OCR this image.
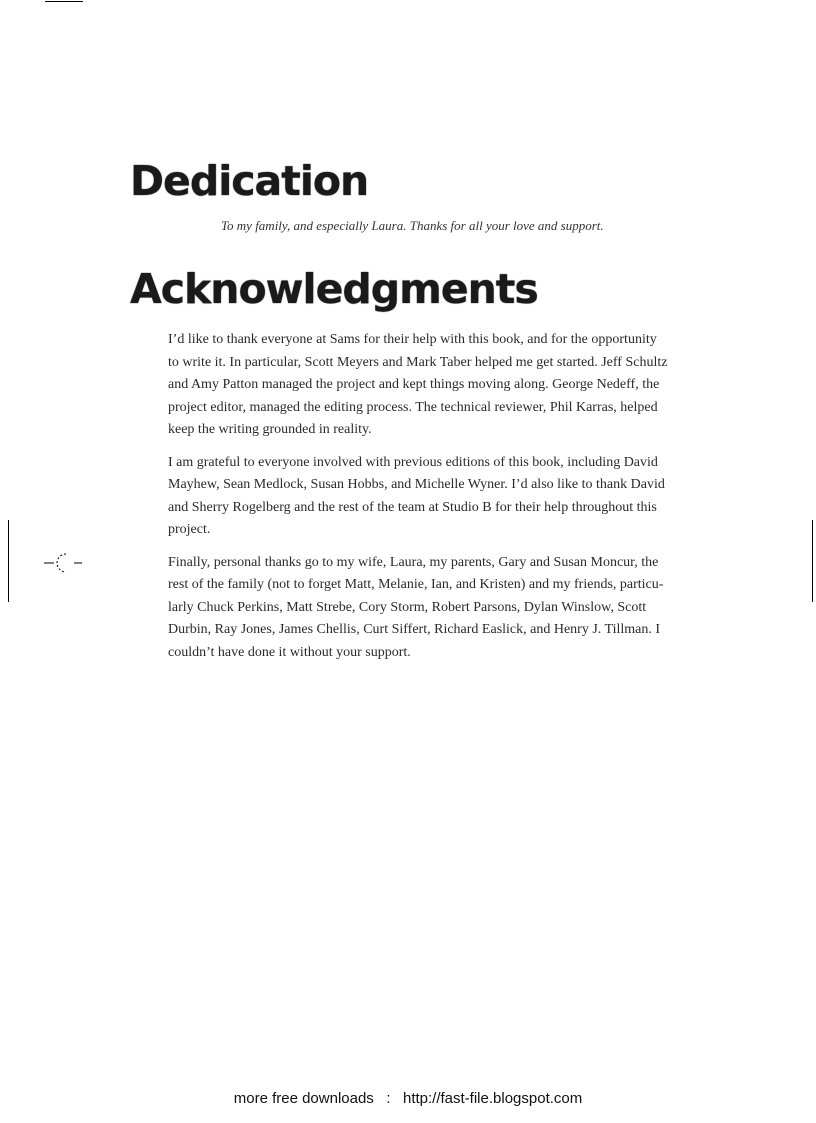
Dedication

To my family, and especially Laura. Thanks for all your love and support.

Acknowledgments

I’d like to thank everyone at Sams for their help with this book, and for the opportunity
to write it. In particular, Scott Meyers and Mark Taber helped me get started. Jeff Schultz
and Amy Patton managed the project and kept things moving along. George Nedeff, the
project editor, managed the editing process. The technical reviewer, Phil Karras, helped
keep the writing grounded in reality.

I am grateful to everyone involved with previous editions of this book, including David
Mayhew, Sean Medlock, Susan Hobbs, and Michelle Wyner. I’d also like to thank David
and Sherry Rogelberg and the rest of the team at Studio B for their help throughout this
project.

Finally, personal thanks go to my wife, Laura, my parents, Gary and Susan Moncur, the
rest of the family (not to forget Matt, Melanie, Ian, and Kristen) and my friends, particu-
larly Chuck Perkins, Matt Strebe, Cory Storm, Robert Parsons, Dylan Winslow, Scott
Durbin, Ray Jones, James Chellis, Curt Siffert, Richard Easlick, and Henry J. Tillman. I
couldn’t have done it without your support.

more free downloads   :   http://fast-file.blogspot.com
